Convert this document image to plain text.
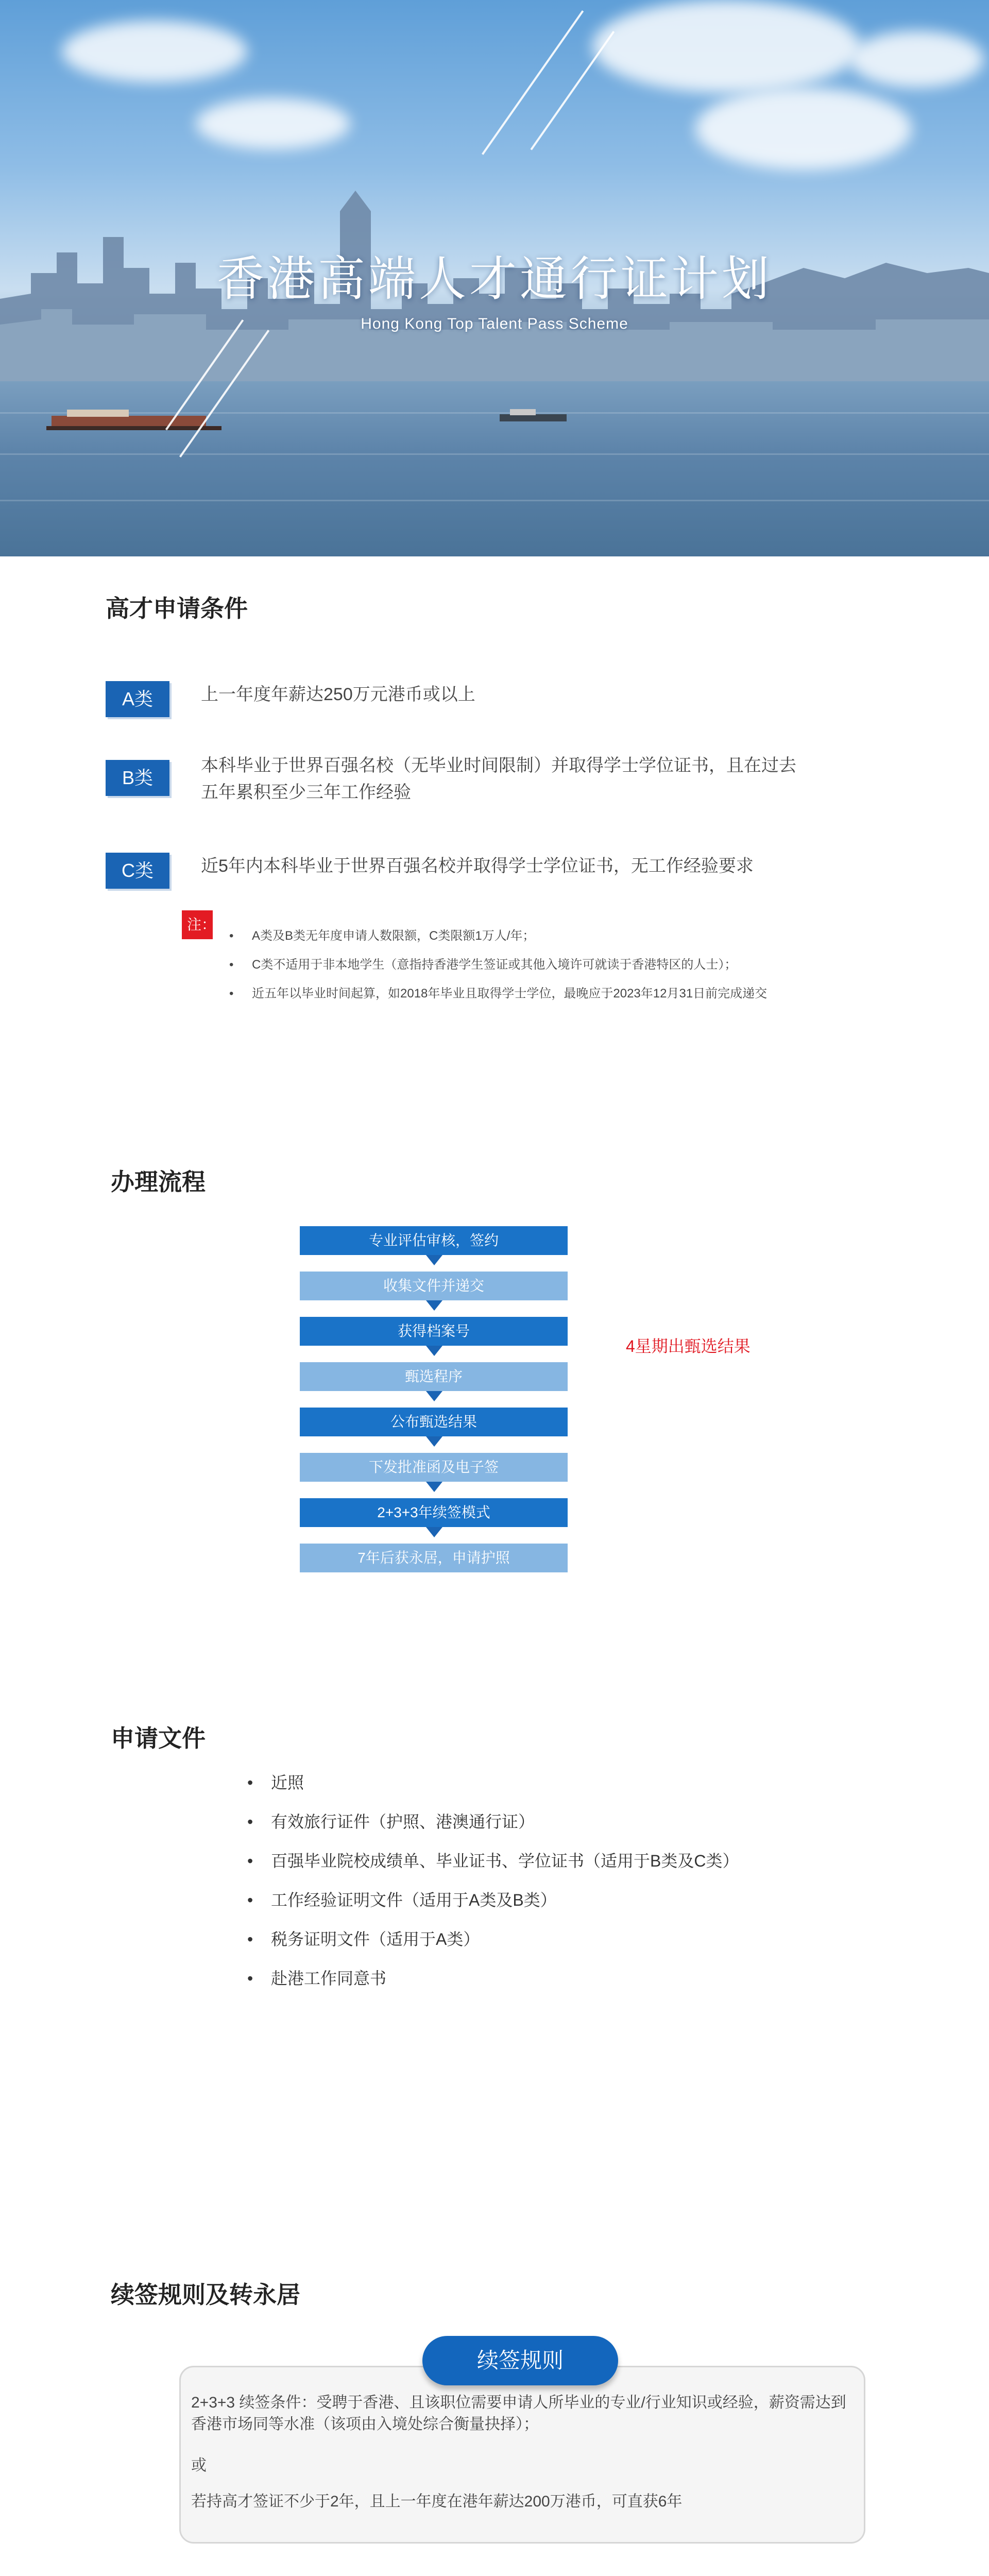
香港高端人才通行证计划
Hong Kong Top Talent Pass Scheme
高才申请条件
A类	上一年度年薪达250万元港币或以上
B类
本科毕业于世界百强名校（无毕业时间限制）并取得学士学位证书，且在过去五年累积至少三年工作经验
C类	近5年内本科毕业于世界百强名校并取得学士学位证书，无工作经验要求
注：
• A类及B类无年度申请人数限额，C类限额1万人/年；
• C类不适用于非本地学生（意指持香港学生签证或其他入境许可就读于香港特区的人士）；
• 近五年以毕业时间起算，如2018年毕业且取得学士学位，最晚应于2023年12月31日前完成递交
办理流程
专业评估审核，签约
收集文件并递交
获得档案号
甄选程序
公布甄选结果
下发批准函及电子签
2+3+3年续签模式
7年后获永居，申请护照
4星期出甄选结果
申请文件
• 近照
• 有效旅行证件（护照、港澳通行证）
• 百强毕业院校成绩单、毕业证书、学位证书（适用于B类及C类）
• 工作经验证明文件（适用于A类及B类）
• 税务证明文件（适用于A类）
• 赴港工作同意书
续签规则及转永居

2+3+3 续签条件：受聘于香港、且该职位需要申请人所毕业的专业/行业知识或经验，薪资需达到香港市场同等水准（该项由入境处综合衡量抉择）；

或

若持高才签证不少于2年，且上一年度在港年薪达200万港币，可直获6年

续签规则
